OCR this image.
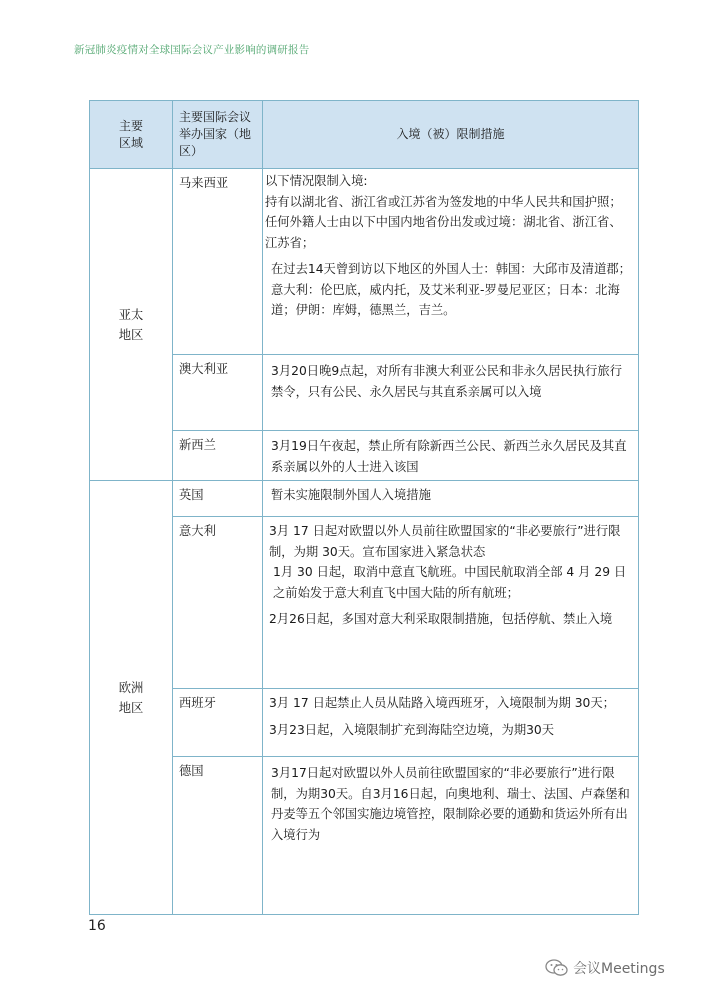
新冠肺炎疫情对全球国际会议产业影响的调研报告
主要
区域	主要国际会议
举办国家（地
区）	入境（被）限制措施
亚太
地区	马来西亚	以下情况限制入境:
持有以湖北省、浙江省或江苏省为签发地的中华人民共和国护照；
任何外籍人士由以下中国内地省份出发或过境：湖北省、浙江省、江苏省；
在过去14天曾到访以下地区的外国人士：韩国：大邱市及清道郡；意大利：伦巴底，威内托，及艾米利亚-罗曼尼亚区；日本：北海道；伊朗：库姆，德黑兰，吉兰。

	澳大利亚	3月20日晚9点起，对所有非澳大利亚公民和非永久居民执行旅行禁令，只有公民、永久居民与其直系亲属可以入境

	新西兰	3月19日午夜起，禁止所有除新西兰公民、新西兰永久居民及其直系亲属以外的人士进入该国

欧洲
地区	英国	暂未实施限制外国人入境措施

	意大利	3月 17 日起对欧盟以外人员前往欧盟国家的“非必要旅行”进行限制，为期 30天。宣布国家进入紧急状态
1月 30 日起，取消中意直飞航班。中国民航取消全部 4 月 29 日之前始发于意大利直飞中国大陆的所有航班；
2月26日起，多国对意大利采取限制措施，包括停航、禁止入境

	西班牙	3月 17 日起禁止人员从陆路入境西班牙，入境限制为期 30天；
3月23日起，入境限制扩充到海陆空边境，为期30天

	德国	3月17日起对欧盟以外人员前往欧盟国家的“非必要旅行”进行限制，为期30天。自3月16日起，向奥地利、瑞士、法国、卢森堡和丹麦等五个邻国实施边境管控，限制除必要的通勤和货运外所有出入境行为
16
会议Meetings
